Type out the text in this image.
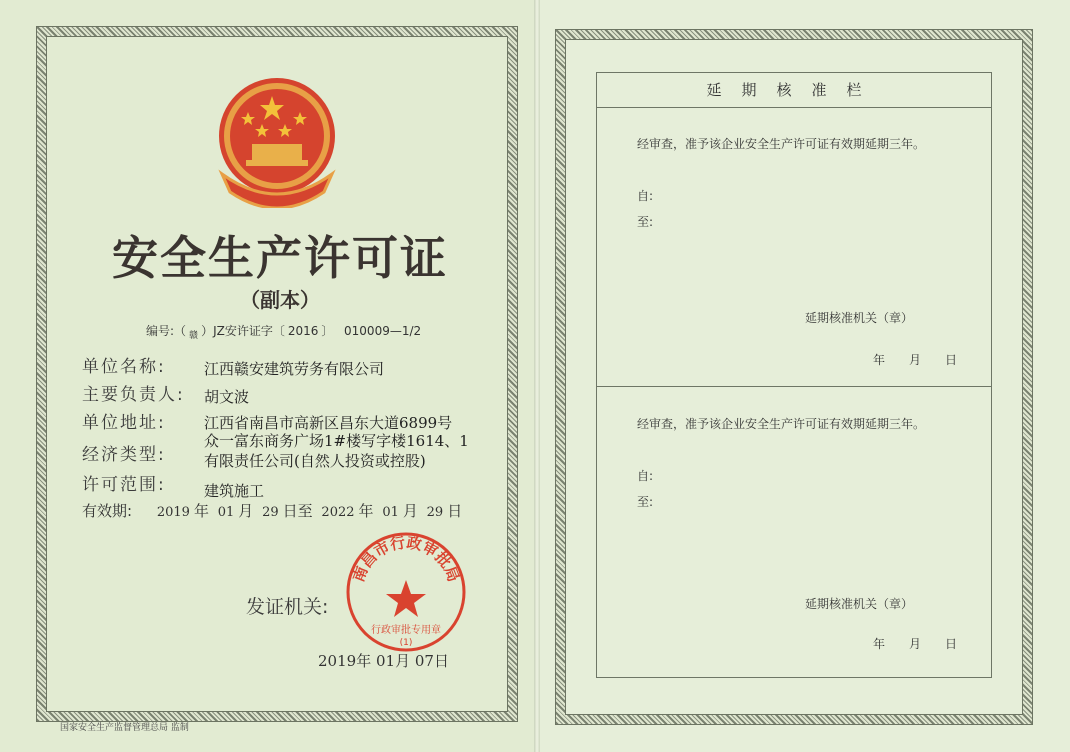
安全生产许可证
（副本）
编号:（ $_赣$ ）JZ安许证字〔 2016 〕 010009—1/2
单位名称:	江西赣安建筑劳务有限公司
主要负责人: 胡文波
单位地址:	江西省南昌市高新区昌东大道6899号
众一富东商务广场1#楼写字楼1614、1
经济类型:	有限责任公司(自然人投资或控股)
许可范围:	建筑施工
有效期: 2019 年 01 月 29 日至 2022 年 01 月 29 日
发证机关:
南昌市行政审批局
行政审批专用章
(1)
2019年 01月 07日
国家安全生产监督管理总局 监制
延期核准栏
经审查，准予该企业安全生产许可证有效期延期三年。
自:
至:
延期核准机关（章）
年　　月　　日
经审查，准予该企业安全生产许可证有效期延期三年。
自:
至:
延期核准机关（章）
年　　月　　日
